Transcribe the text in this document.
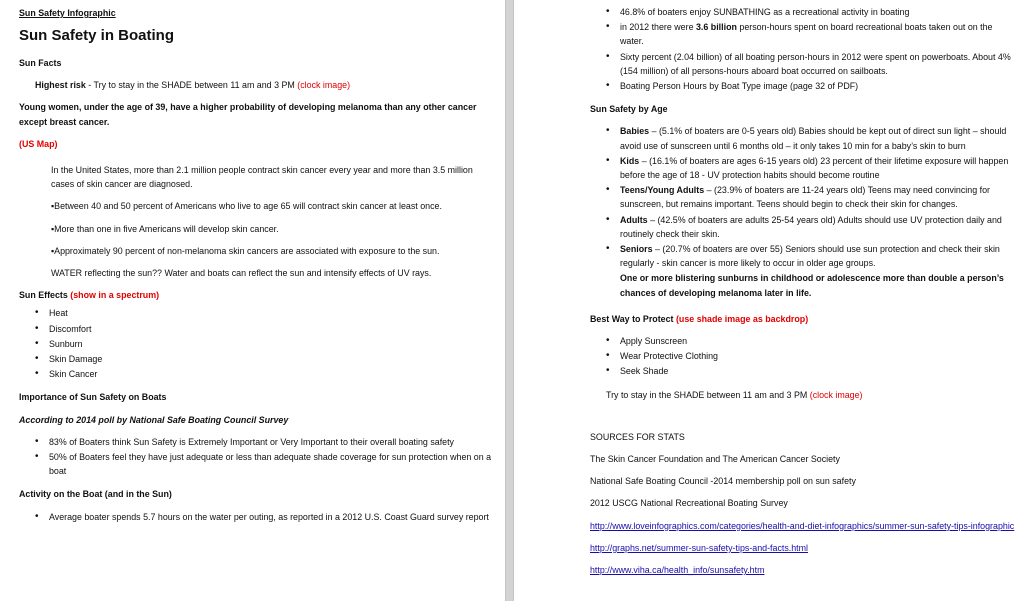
Sun Safety Infographic
Sun Safety in Boating
Sun Facts
Highest risk - Try to stay in the SHADE between 11 am and 3 PM (clock image)
Young women, under the age of 39, have a higher probability of developing melanoma than any other cancer except breast cancer.
(US Map)
In the United States, more than 2.1 million people contract skin cancer every year and more than 3.5 million cases of skin cancer are diagnosed.
▪Between 40 and 50 percent of Americans who live to age 65 will contract skin cancer at least once.
▪More than one in five Americans will develop skin cancer.
▪Approximately 90 percent of non-melanoma skin cancers are associated with exposure to the sun.
WATER reflecting the sun?? Water and boats can reflect the sun and intensify effects of UV rays.
Sun Effects (show in a spectrum)
• Heat
• Discomfort
• Sunburn
• Skin Damage
• Skin Cancer
Importance of Sun Safety on Boats
According to 2014 poll by National Safe Boating Council Survey
• 83% of Boaters think Sun Safety is Extremely Important or Very Important to their overall boating safety
• 50% of Boaters feel they have just adequate or less than adequate shade coverage for sun protection when on a boat
Activity on the Boat (and in the Sun)
• Average boater spends 5.7 hours on the water per outing, as reported in a 2012 U.S. Coast Guard survey report
• 46.8% of boaters enjoy SUNBATHING as a recreational activity in boating
• in 2012 there were 3.6 billion person-hours spent on board recreational boats taken out on the water.
• Sixty percent (2.04 billion) of all boating person-hours in 2012 were spent on powerboats. About 4% (154 million) of all persons-hours aboard boat occurred on sailboats.
• Boating Person Hours by Boat Type image (page 32 of PDF)
Sun Safety by Age
• Babies – (5.1% of boaters are 0-5 years old) Babies should be kept out of direct sun light – should avoid use of sunscreen until 6 months old – it only takes 10 min for a baby’s skin to burn
• Kids – (16.1% of boaters are ages 6-15 years old) 23 percent of their lifetime exposure will happen before the age of 18 - UV protection habits should become routine
• Teens/Young Adults – (23.9% of boaters are 11-24 years old) Teens may need convincing for sunscreen, but remains important. Teens should begin to check their skin for changes.
• Adults – (42.5% of boaters are adults 25-54 years old) Adults should use UV protection daily and routinely check their skin.
• Seniors – (20.7% of boaters are over 55) Seniors should use sun protection and check their skin regularly - skin cancer is more likely to occur in older age groups.
One or more blistering sunburns in childhood or adolescence more than double a person’s chances of developing melanoma later in life.
Best Way to Protect (use shade image as backdrop)
• Apply Sunscreen
• Wear Protective Clothing
• Seek Shade
Try to stay in the SHADE between 11 am and 3 PM (clock image)
SOURCES FOR STATS
The Skin Cancer Foundation and The American Cancer Society
National Safe Boating Council -2014 membership poll on sun safety
2012 USCG National Recreational Boating Survey
http://www.loveinfographics.com/categories/health-and-diet-infographics/summer-sun-safety-tips-infographic
http://graphs.net/summer-sun-safety-tips-and-facts.html
http://www.viha.ca/health_info/sunsafety.htm
